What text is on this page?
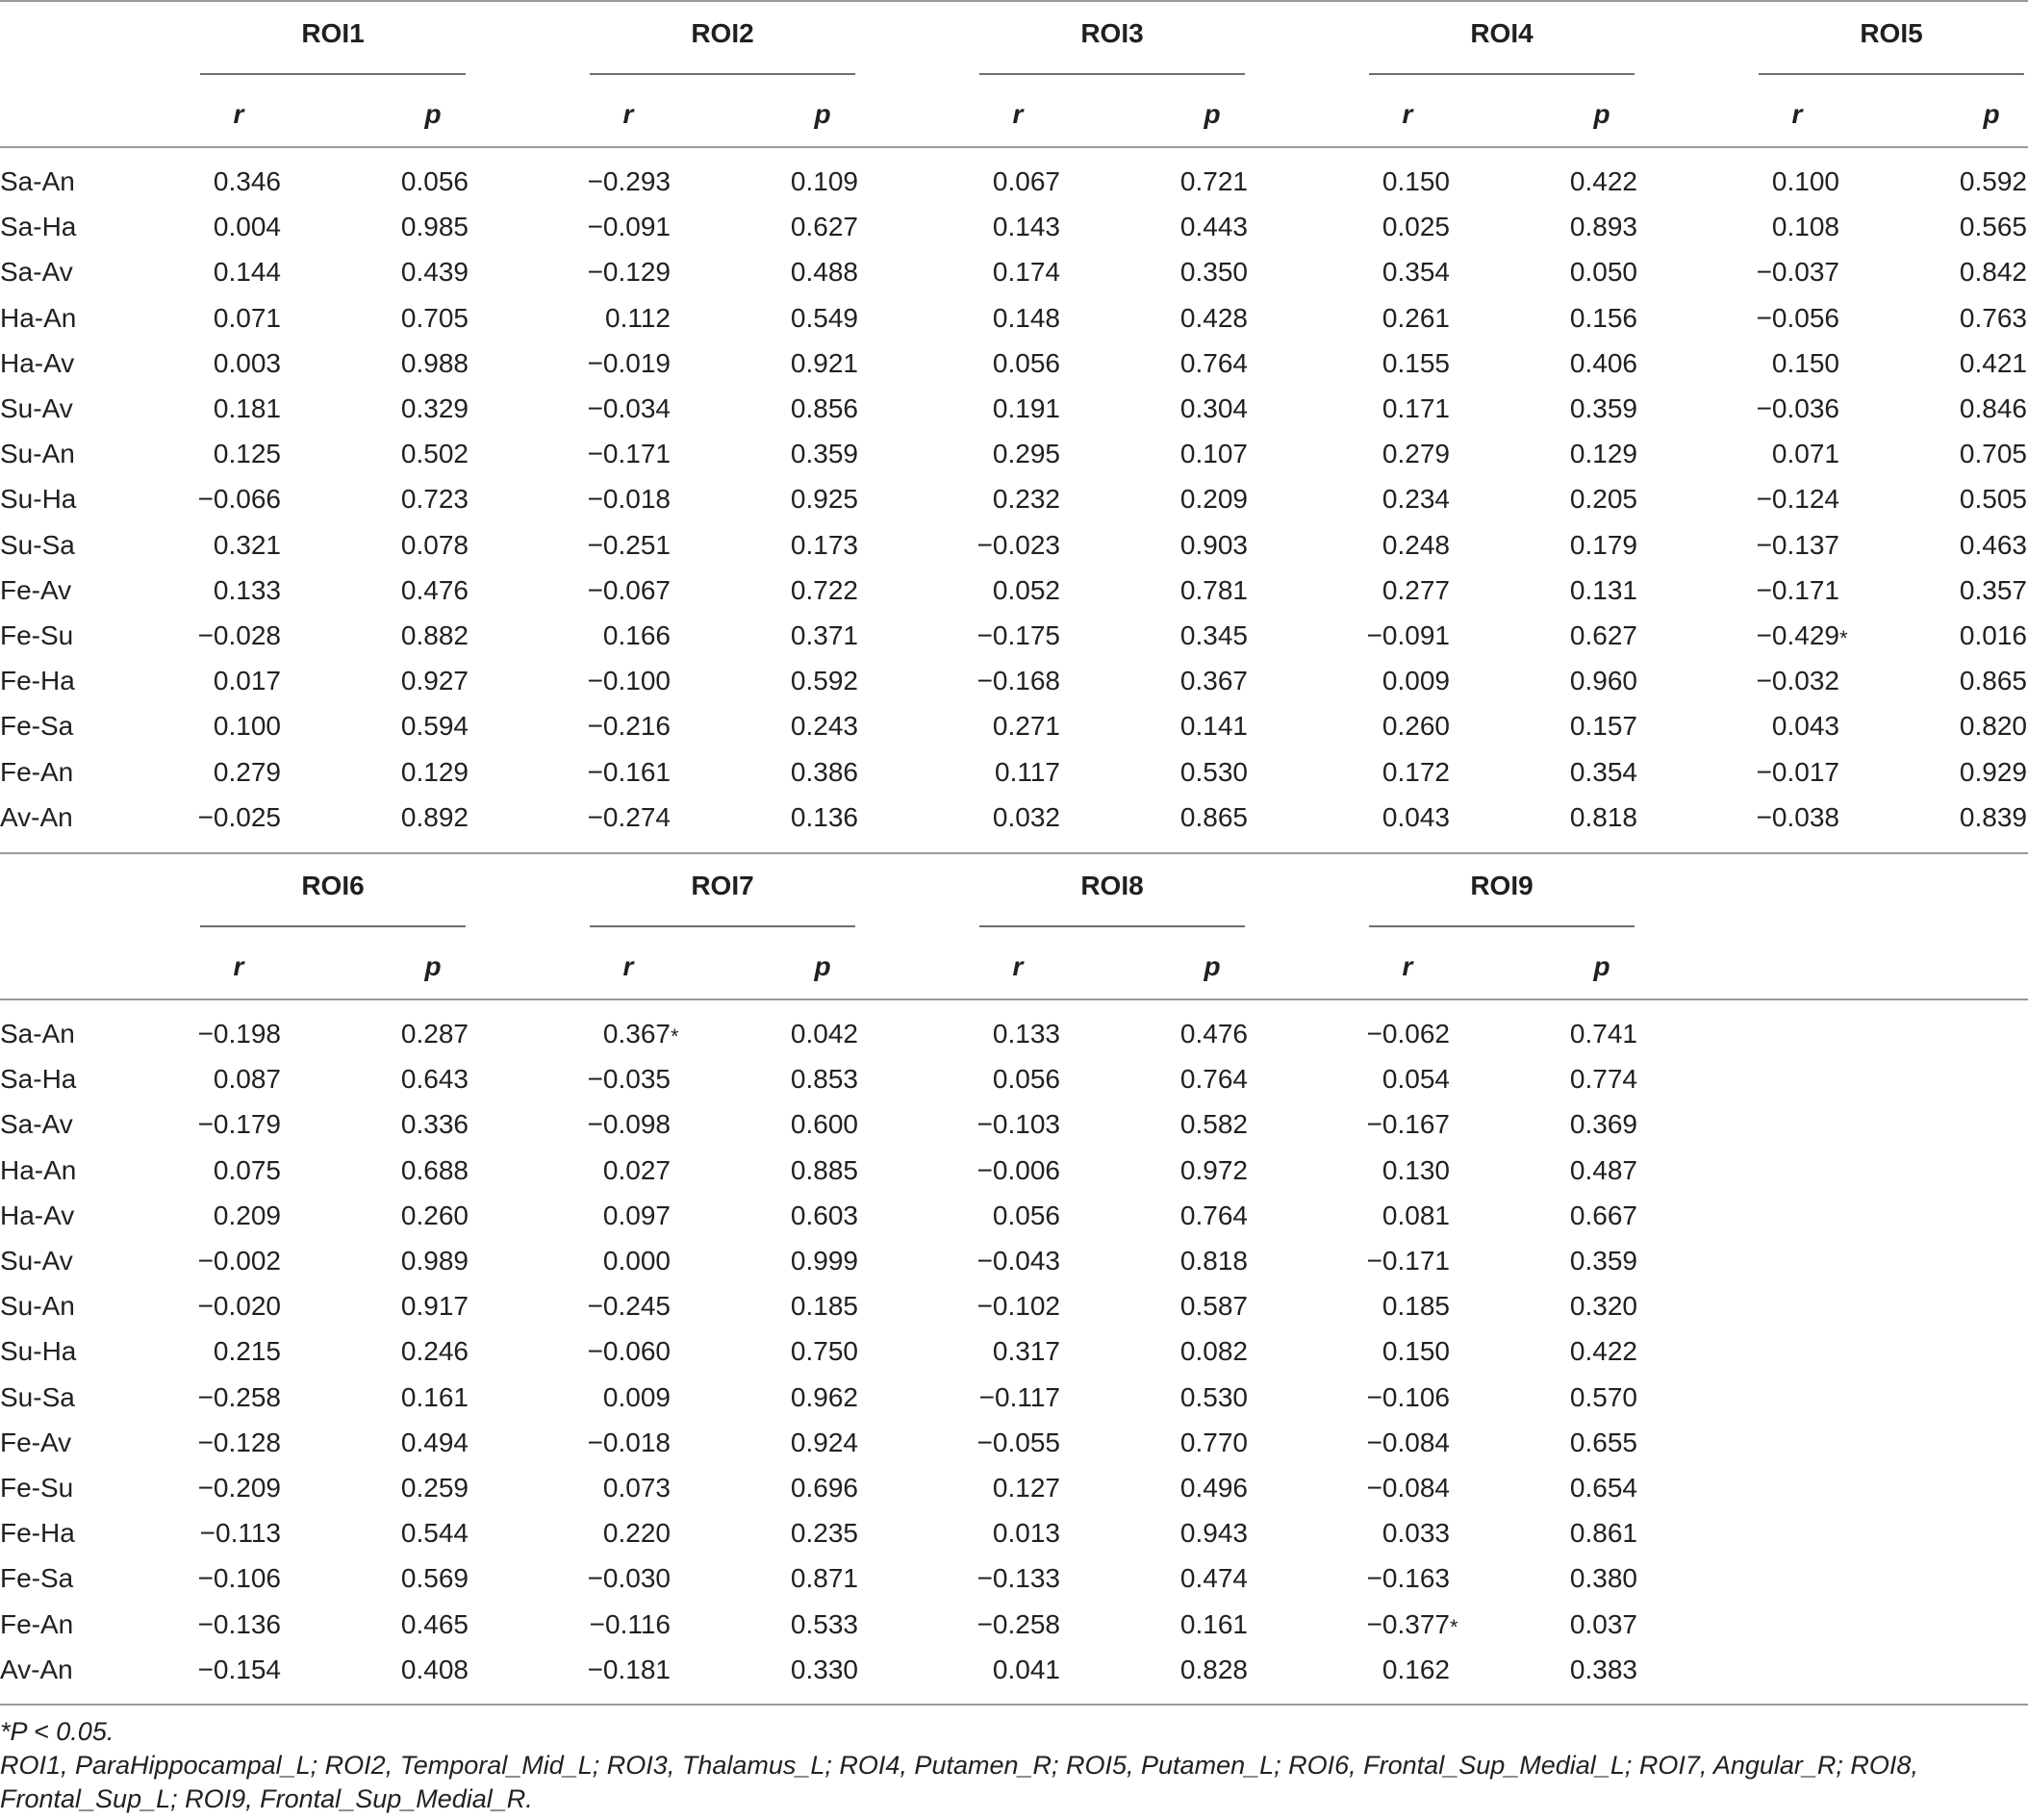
ROI1
r	p
ROI2
r	p
ROI3
r	p
ROI4
r	p
ROI5
r	p
Sa-An	0.346	0.056	−0.293	0.109	0.067	0.721	0.150	0.422	0.100	0.592
Sa-Ha	0.004	0.985	−0.091	0.627	0.143	0.443	0.025	0.893	0.108	0.565
Sa-Av	0.144	0.439	−0.129	0.488	0.174	0.350	0.354	0.050	−0.037	0.842
Ha-An	0.071	0.705	0.112	0.549	0.148	0.428	0.261	0.156	−0.056	0.763
Ha-Av	0.003	0.988	−0.019	0.921	0.056	0.764	0.155	0.406	0.150	0.421
Su-Av	0.181	0.329	−0.034	0.856	0.191	0.304	0.171	0.359	−0.036	0.846
Su-An	0.125	0.502	−0.171	0.359	0.295	0.107	0.279	0.129	0.071	0.705
Su-Ha	−0.066	0.723	−0.018	0.925	0.232	0.209	0.234	0.205	−0.124	0.505
Su-Sa	0.321	0.078	−0.251	0.173	−0.023	0.903	0.248	0.179	−0.137	0.463
Fe-Av	0.133	0.476	−0.067	0.722	0.052	0.781	0.277	0.131	−0.171	0.357
Fe-Su	−0.028	0.882	0.166	0.371	−0.175	0.345	−0.091	0.627	−0.429 *	0.016
Fe-Ha	0.017	0.927	−0.100	0.592	−0.168	0.367	0.009	0.960	−0.032	0.865
Fe-Sa	0.100	0.594	−0.216	0.243	0.271	0.141	0.260	0.157	0.043	0.820
Fe-An	0.279	0.129	−0.161	0.386	0.117	0.530	0.172	0.354	−0.017	0.929
Av-An	−0.025	0.892	−0.274	0.136	0.032	0.865	0.043	0.818	−0.038	0.839
ROI6
r	p
ROI7
r	p
ROI8
r	p
ROI9
r	p
Sa-An	−0.198	0.287	0.367 *	0.042	0.133	0.476	−0.062	0.741
Sa-Ha	0.087	0.643	−0.035	0.853	0.056	0.764	0.054	0.774
Sa-Av	−0.179	0.336	−0.098	0.600	−0.103	0.582	−0.167	0.369
Ha-An	0.075	0.688	0.027	0.885	−0.006	0.972	0.130	0.487
Ha-Av	0.209	0.260	0.097	0.603	0.056	0.764	0.081	0.667
Su-Av	−0.002	0.989	0.000	0.999	−0.043	0.818	−0.171	0.359
Su-An	−0.020	0.917	−0.245	0.185	−0.102	0.587	0.185	0.320
Su-Ha	0.215	0.246	−0.060	0.750	0.317	0.082	0.150	0.422
Su-Sa	−0.258	0.161	0.009	0.962	−0.117	0.530	−0.106	0.570
Fe-Av	−0.128	0.494	−0.018	0.924	−0.055	0.770	−0.084	0.655
Fe-Su	−0.209	0.259	0.073	0.696	0.127	0.496	−0.084	0.654
Fe-Ha	−0.113	0.544	0.220	0.235	0.013	0.943	0.033	0.861
Fe-Sa	−0.106	0.569	−0.030	0.871	−0.133	0.474	−0.163	0.380
Fe-An	−0.136	0.465	−0.116	0.533	−0.258	0.161	−0.377 *	0.037
Av-An	−0.154	0.408	−0.181	0.330	0.041	0.828	0.162	0.383
*P < 0.05.
ROI1, ParaHippocampal_L; ROI2, Temporal_Mid_L; ROI3, Thalamus_L; ROI4, Putamen_R; ROI5, Putamen_L; ROI6, Frontal_Sup_Medial_L; ROI7, Angular_R; ROI8,
Frontal_Sup_L; ROI9, Frontal_Sup_Medial_R.
